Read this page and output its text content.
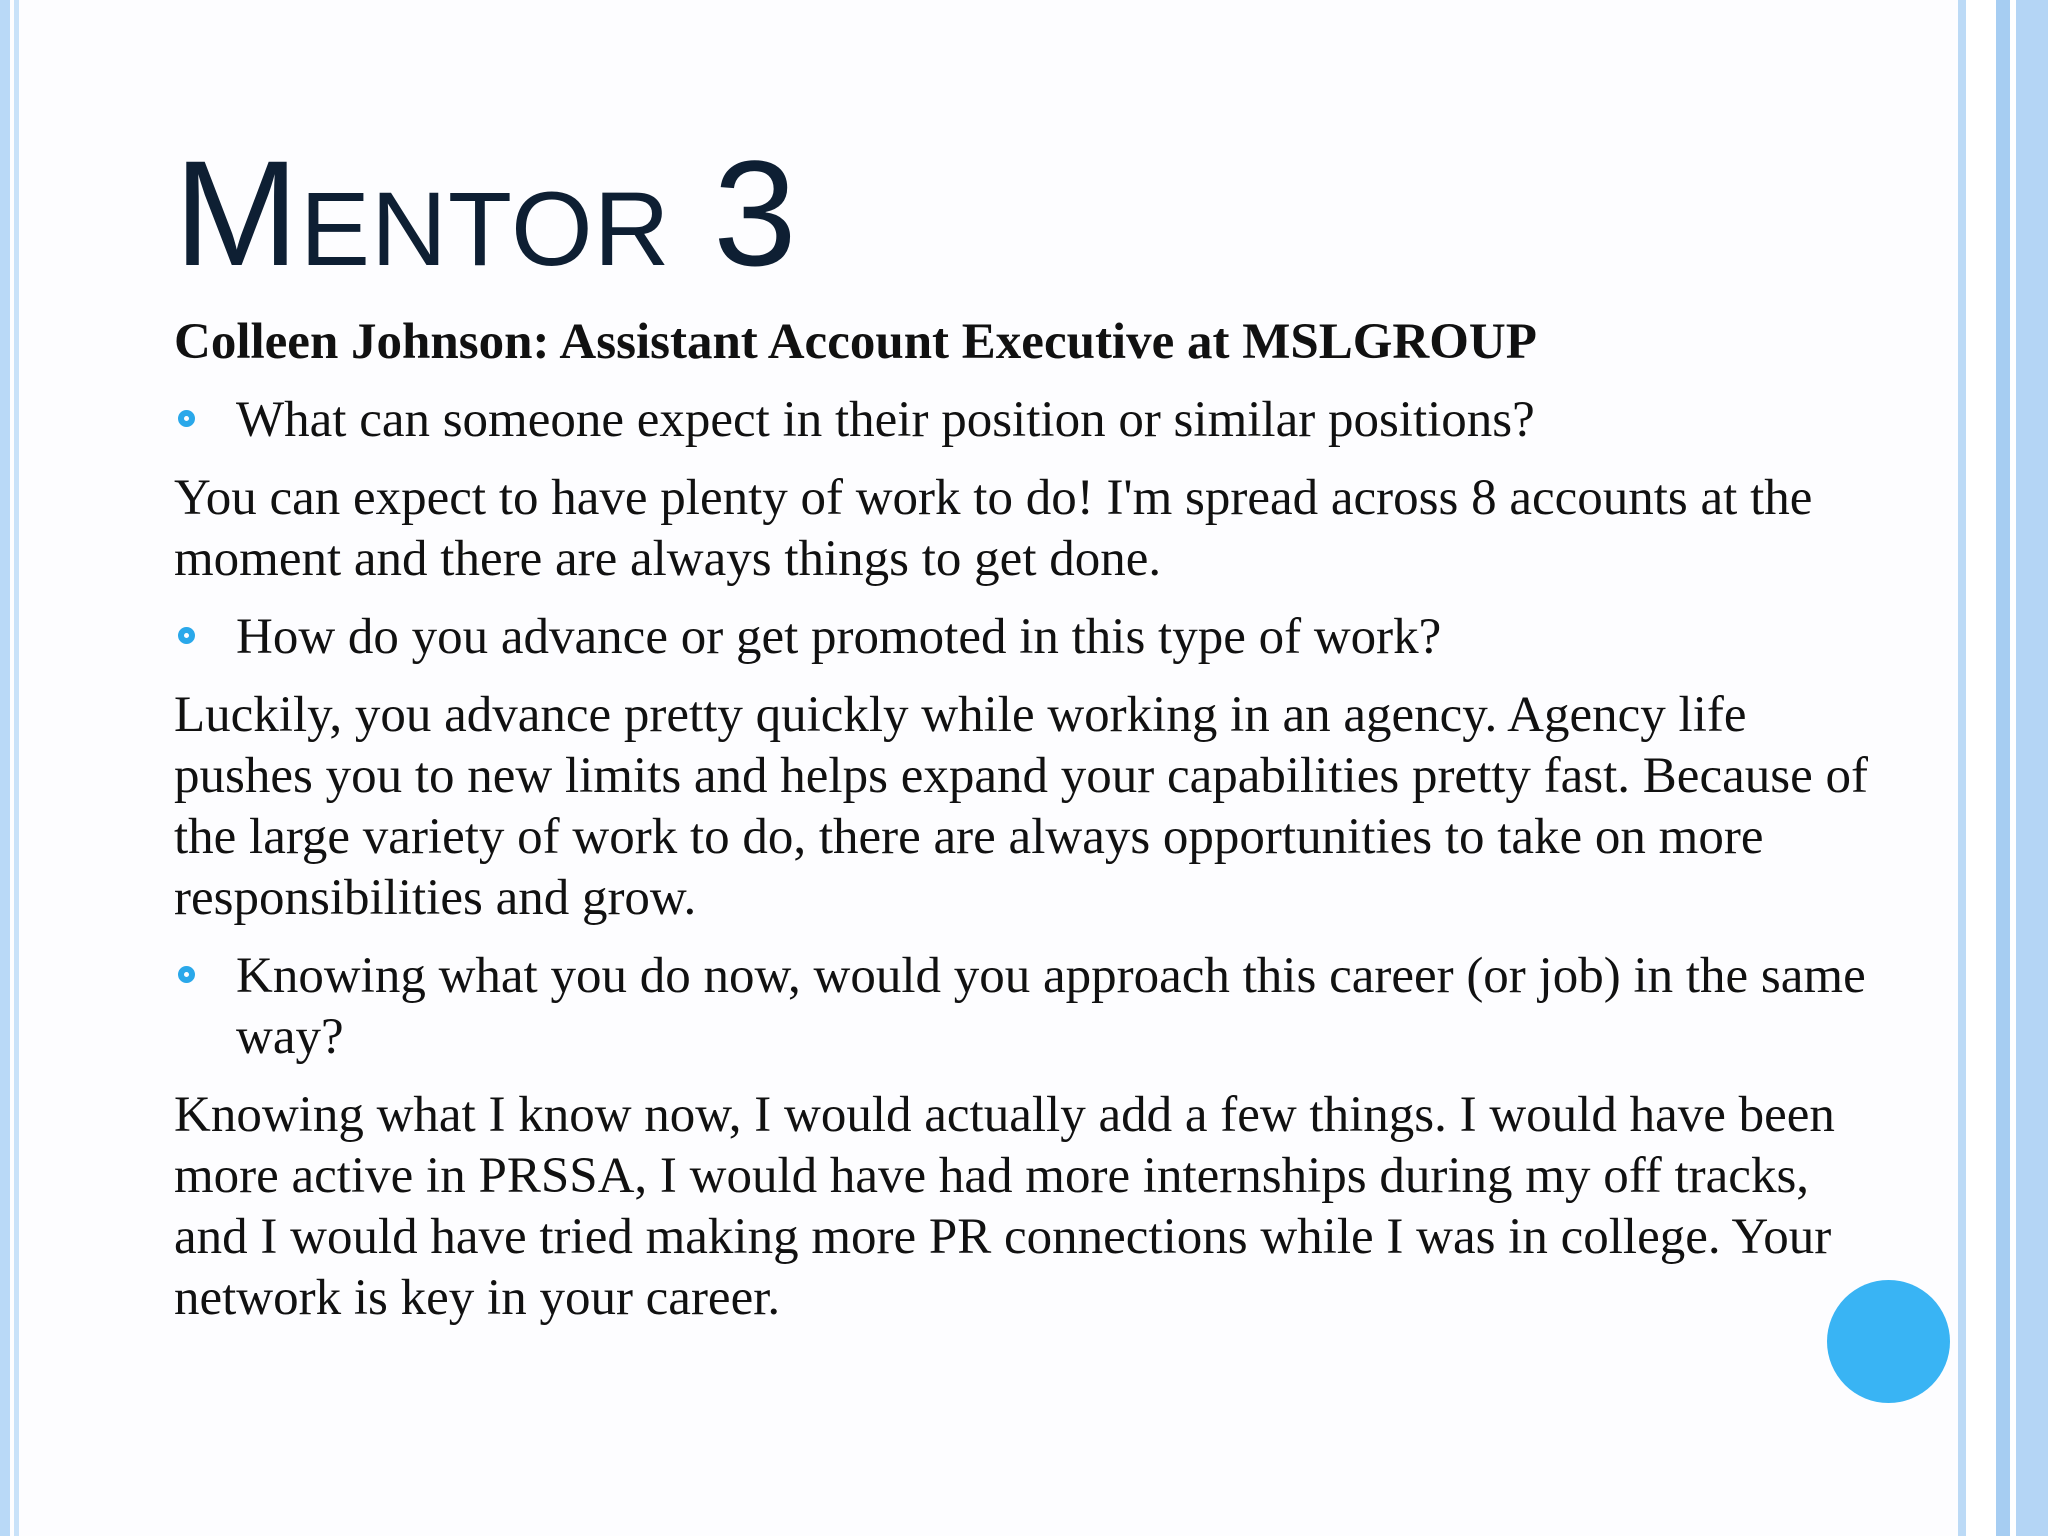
Mentor 3

Colleen Johnson: Assistant Account Executive at MSLGROUP

What can someone expect in their position or similar positions?

You can expect to have plenty of work to do! I'm spread across 8 accounts at the moment and there are always things to get done.

How do you advance or get promoted in this type of work?

Luckily, you advance pretty quickly while working in an agency. Agency life pushes you to new limits and helps expand your capabilities pretty fast. Because of the large variety of work to do, there are always opportunities to take on more responsibilities and grow.

Knowing what you do now, would you approach this career (or job) in the same way?

Knowing what I know now, I would actually add a few things. I would have been more active in PRSSA, I would have had more internships during my off tracks, and I would have tried making more PR connections while I was in college. Your network is key in your career.
